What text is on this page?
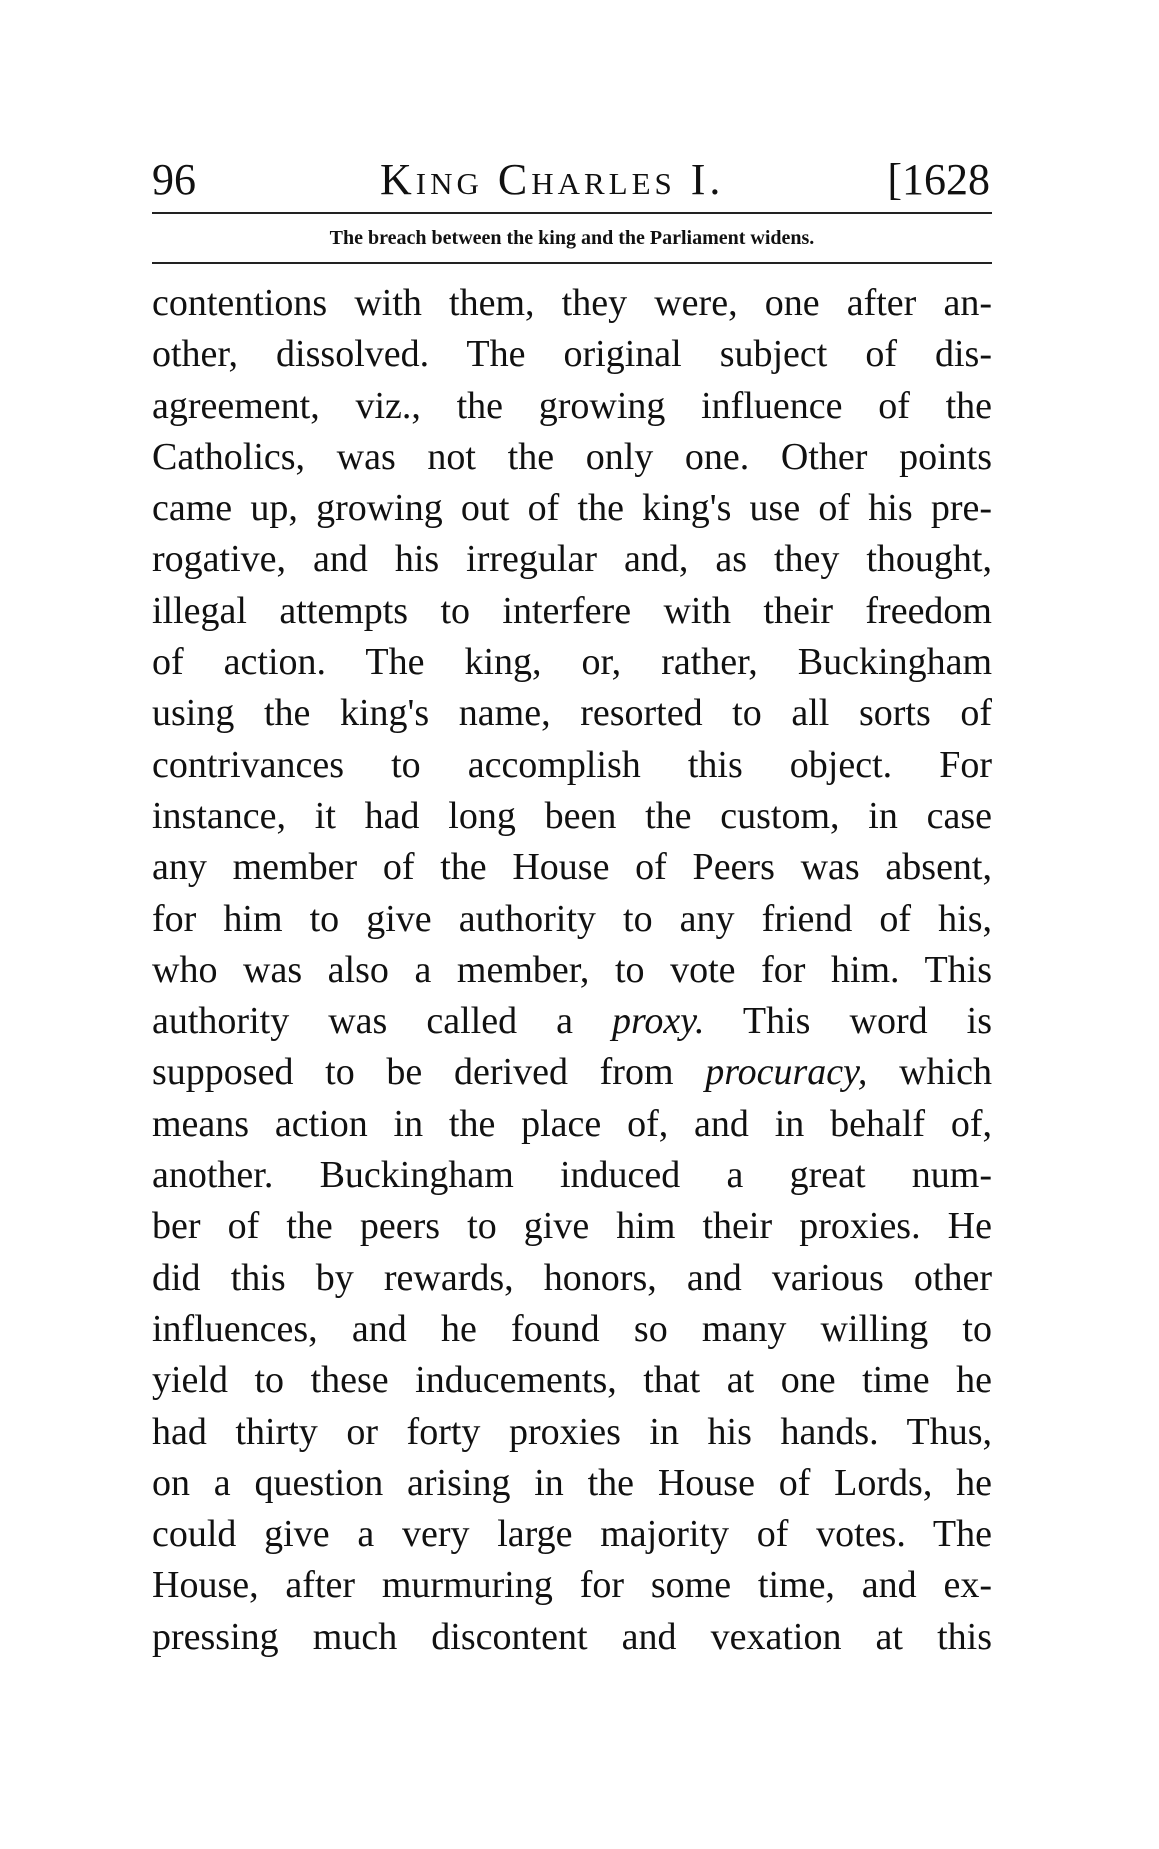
96	King Charles I.	[1628
The breach between the king and the Parliament widens.
contentions with them, they were, one after an-
other, dissolved. The original subject of dis-
agreement, viz., the growing influence of the
Catholics, was not the only one. Other points
came up, growing out of the king's use of his pre-
rogative, and his irregular and, as they thought,
illegal attempts to interfere with their freedom
of action. The king, or, rather, Buckingham
using the king's name, resorted to all sorts of
contrivances to accomplish this object. For
instance, it had long been the custom, in case
any member of the House of Peers was absent,
for him to give authority to any friend of his,
who was also a member, to vote for him. This
authority was called a proxy. This word is
supposed to be derived from procuracy, which
means action in the place of, and in behalf of,
another. Buckingham induced a great num-
ber of the peers to give him their proxies. He
did this by rewards, honors, and various other
influences, and he found so many willing to
yield to these inducements, that at one time he
had thirty or forty proxies in his hands. Thus,
on a question arising in the House of Lords, he
could give a very large majority of votes. The
House, after murmuring for some time, and ex-
pressing much discontent and vexation at this
